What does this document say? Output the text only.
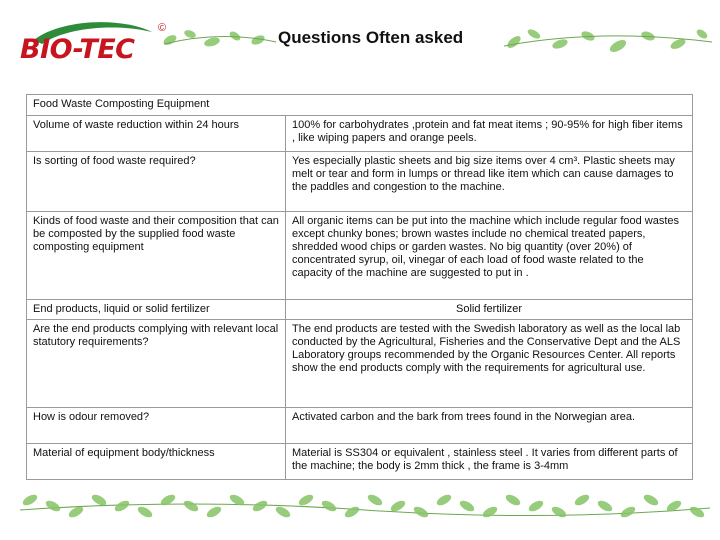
BIO-TEC
©	Questions Often asked
Food Waste Composting Equipment	
Volume of waste reduction within 24 hours	100% for carbohydrates ,protein and fat meat items ; 90-95% for high fiber items , like wiping papers and orange peels.
Is sorting of food waste required?	Yes especially plastic sheets and big size items over 4 cm³. Plastic sheets may melt or tear and form in lumps or thread like item which can cause damages to the paddles and congestion to the machine.
Kinds of food waste and their composition that can be composted by the supplied food waste composting equipment	All organic items can be put into the machine which include regular food wastes except chunky bones; brown wastes include no chemical treated papers, shredded wood chips or garden wastes. No big quantity (over 20%) of concentrated syrup, oil, vinegar of each load of food waste related to the capacity of the machine are suggested to put in .
End products, liquid or solid fertilizer	Solid fertilizer
Are the end products complying with relevant local statutory requirements?	The end products are tested with the Swedish laboratory as well as the local lab conducted by the Agricultural, Fisheries and the Conservative Dept and the ALS Laboratory groups recommended by the Organic Resources Center. All reports show the end products comply with the requirements for agricultural use.
How is odour removed?	Activated carbon and the bark from trees found in the Norwegian area.
Material of equipment body/thickness	Material is SS304 or equivalent , stainless steel . It varies from different parts of the machine; the body is 2mm thick , the frame is 3-4mm
